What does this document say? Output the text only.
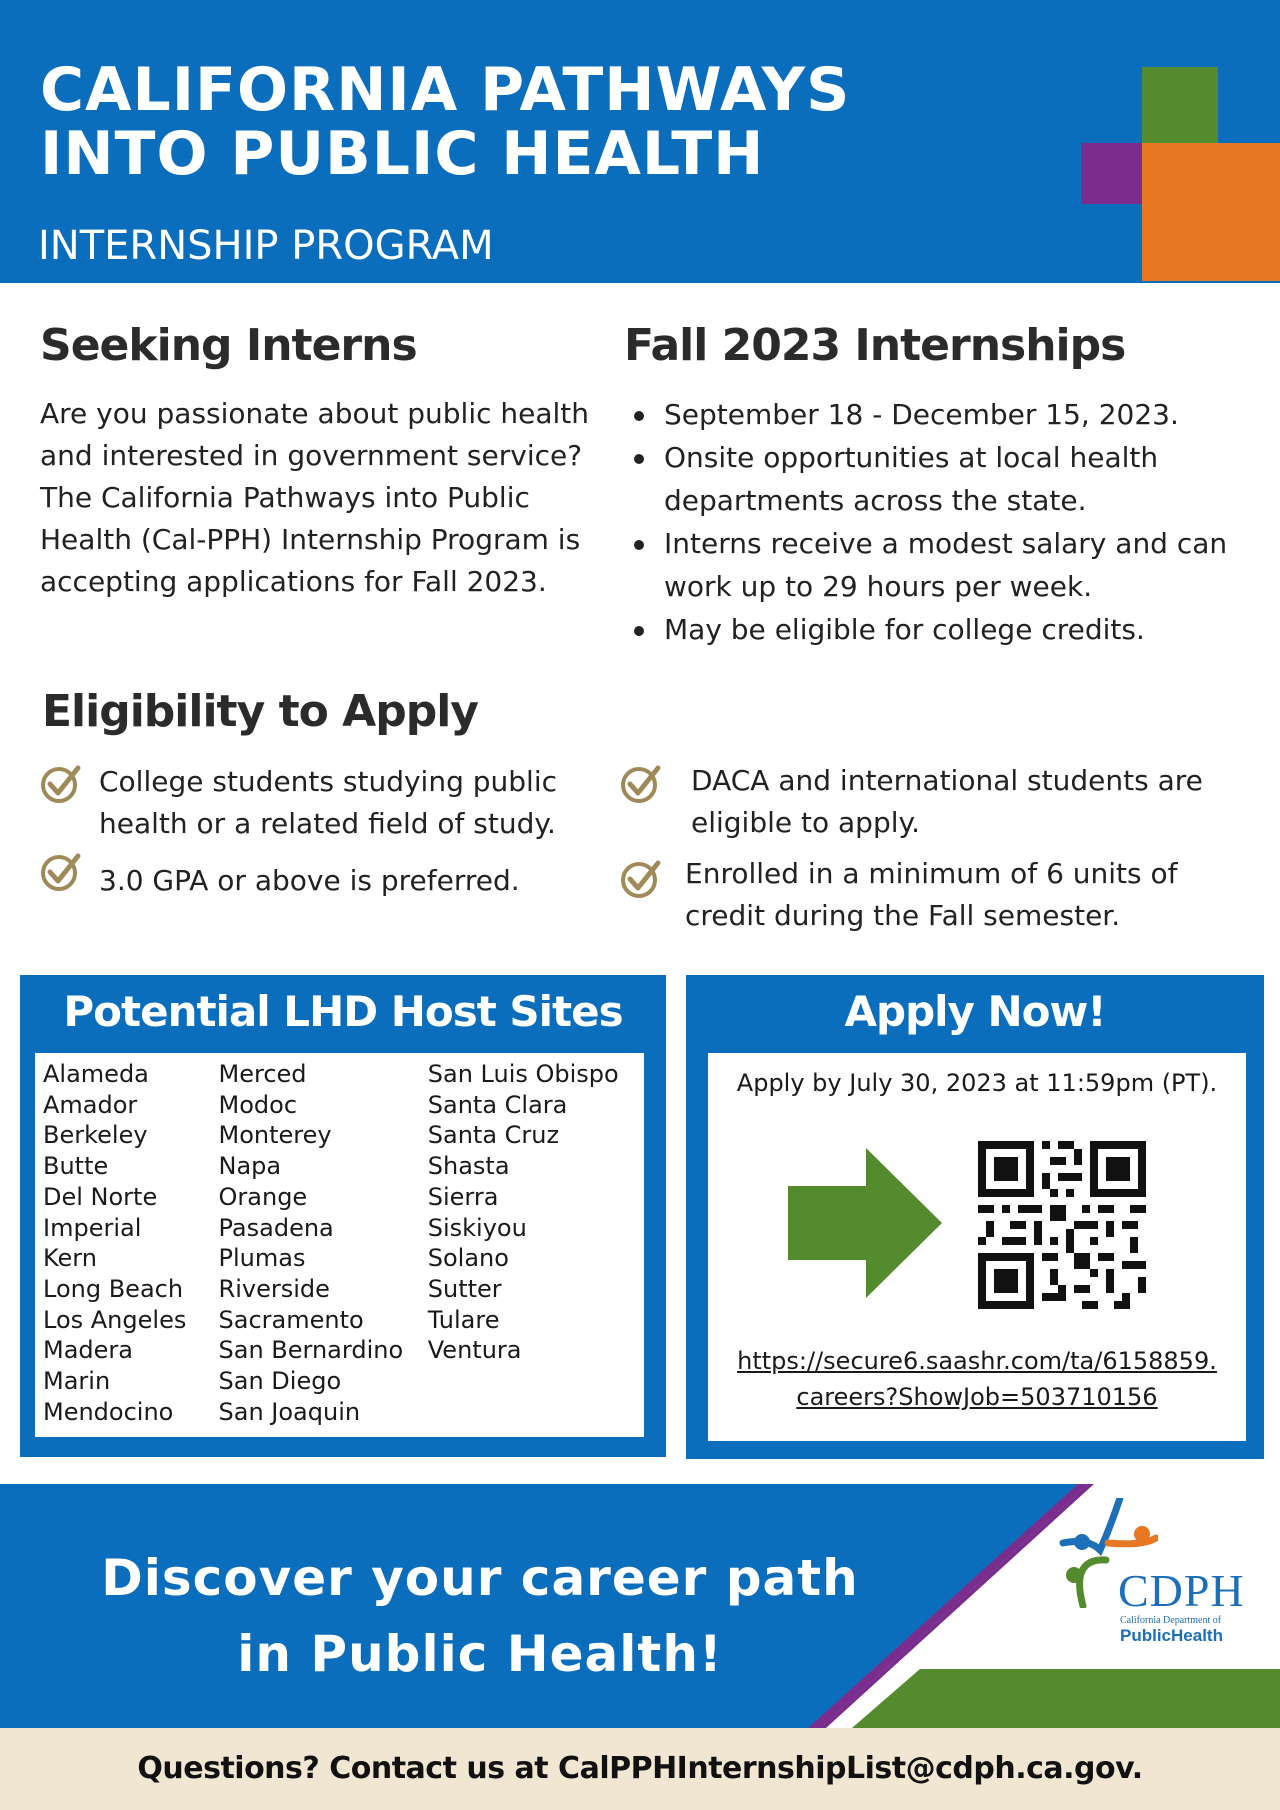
CALIFORNIA PATHWAYS
INTO PUBLIC HEALTH
INTERNSHIP PROGRAM
Seeking Interns
Are you passionate about public health and interested in government service? The California Pathways into Public Health (Cal-PPH) Internship Program is accepting applications for Fall 2023.
Fall 2023 Internships
September 18 - December 15, 2023.
Onsite opportunities at local health departments across the state.
Interns receive a modest salary and can work up to 29 hours per week.
May be eligible for college credits.
Eligibility to Apply
College students studying public health or a related field of study.
3.0 GPA or above is preferred.
DACA and international students are eligible to apply.
Enrolled in a minimum of 6 units of credit during the Fall semester.
Potential LHD Host Sites
Alameda
Amador
Berkeley
Butte
Del Norte
Imperial
Kern
Long Beach
Los Angeles
Madera
Marin
Mendocino
Merced
Modoc
Monterey
Napa
Orange
Pasadena
Plumas
Riverside
Sacramento
San Bernardino
San Diego
San Joaquin
San Luis Obispo
Santa Clara
Santa Cruz
Shasta
Sierra
Siskiyou
Solano
Sutter
Tulare
Ventura
Apply Now!
Apply by July 30, 2023 at 11:59pm (PT).
https://secure6.saashr.com/ta/6158859.
careers?ShowJob=503710156
Discover your career path
in Public Health!
CDPH
California Department of
PublicHealth
Questions? Contact us at CalPPHInternshipList@cdph.ca.gov.
